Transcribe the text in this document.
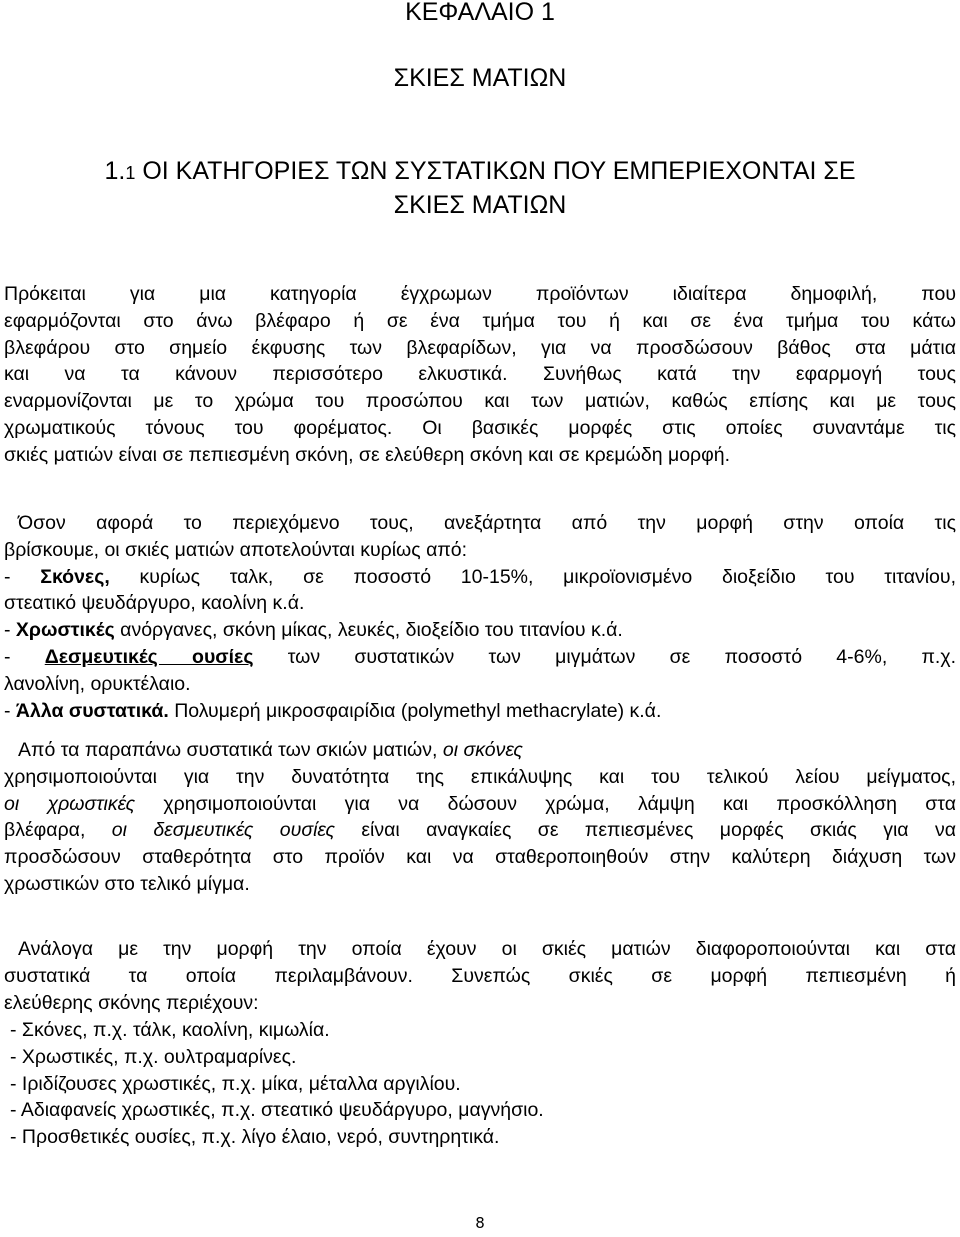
ΚΕΦΑΛΑΙΟ 1
ΣΚΙΕΣ ΜΑΤΙΩΝ
1.1 ΟΙ ΚΑΤΗΓΟΡΙΕΣ ΤΩΝ ΣΥΣΤΑΤΙΚΩΝ ΠΟΥ ΕΜΠΕΡΙΕΧΟΝΤΑΙ ΣΕ
ΣΚΙΕΣ ΜΑΤΙΩΝ
Πρόκειται για μια κατηγορία έγχρωμων προϊόντων ιδιαίτερα δημοφιλή, που
εφαρμόζονται στο άνω βλέφαρο ή σε ένα τμήμα του ή και σε ένα τμήμα του κάτω
βλεφάρου στο σημείο έκφυσης των βλεφαρίδων, για να προσδώσουν βάθος στα μάτια
και να τα κάνουν περισσότερο ελκυστικά. Συνήθως κατά την εφαρμογή τους
εναρμονίζονται με το χρώμα του προσώπου και των ματιών, καθώς επίσης και με τους
χρωματικούς τόνους του φορέματος. Οι βασικές μορφές στις οποίες συναντάμε τις
σκιές ματιών είναι σε πεπιεσμένη σκόνη, σε ελεύθερη σκόνη και σε κρεμώδη μορφή.
Όσον αφορά το περιεχόμενο τους, ανεξάρτητα από την μορφή στην οποία τις
βρίσκουμε, οι σκιές ματιών αποτελούνται κυρίως από:
- Σκόνες, κυρίως ταλκ, σε ποσοστό 10-15%, μικροϊονισμένο διοξείδιο του τιτανίου,
στεατικό ψευδάργυρο, καολίνη κ.ά.
- Χρωστικές ανόργανες, σκόνη μίκας, λευκές, διοξείδιο του τιτανίου κ.ά.
- Δεσμευτικές ουσίες των συστατικών των μιγμάτων σε ποσοστό 4-6%, π.χ.
λανολίνη, ορυκτέλαιο.
- Άλλα συστατικά. Πολυμερή μικροσφαιρίδια (polymethyl methacrylate) κ.ά.
Από τα παραπάνω συστατικά των σκιών ματιών, οι σκόνες
χρησιμοποιούνται για την δυνατότητα της επικάλυψης και του τελικού λείου μείγματος,
οι χρωστικές χρησιμοποιούνται για να δώσουν χρώμα, λάμψη και προσκόλληση στα
βλέφαρα, οι δεσμευτικές ουσίες είναι αναγκαίες σε πεπιεσμένες μορφές σκιάς για να
προσδώσουν σταθερότητα στο προϊόν και να σταθεροποιηθούν στην καλύτερη διάχυση των
χρωστικών στο τελικό μίγμα.
Ανάλογα με την μορφή την οποία έχουν οι σκιές ματιών διαφοροποιούνται και στα
συστατικά τα οποία περιλαμβάνουν. Συνεπώς σκιές σε μορφή πεπιεσμένη ή
ελεύθερης σκόνης περιέχουν:
- Σκόνες, π.χ. τάλκ, καολίνη, κιμωλία.
- Χρωστικές, π.χ. ουλτραμαρίνες.
- Ιριδίζουσες χρωστικές, π.χ. μίκα, μέταλλα αργιλίου.
- Αδιαφανείς χρωστικές, π.χ. στεατικό ψευδάργυρο, μαγνήσιο.
- Προσθετικές ουσίες, π.χ. λίγο έλαιο, νερό, συντηρητικά.
8
